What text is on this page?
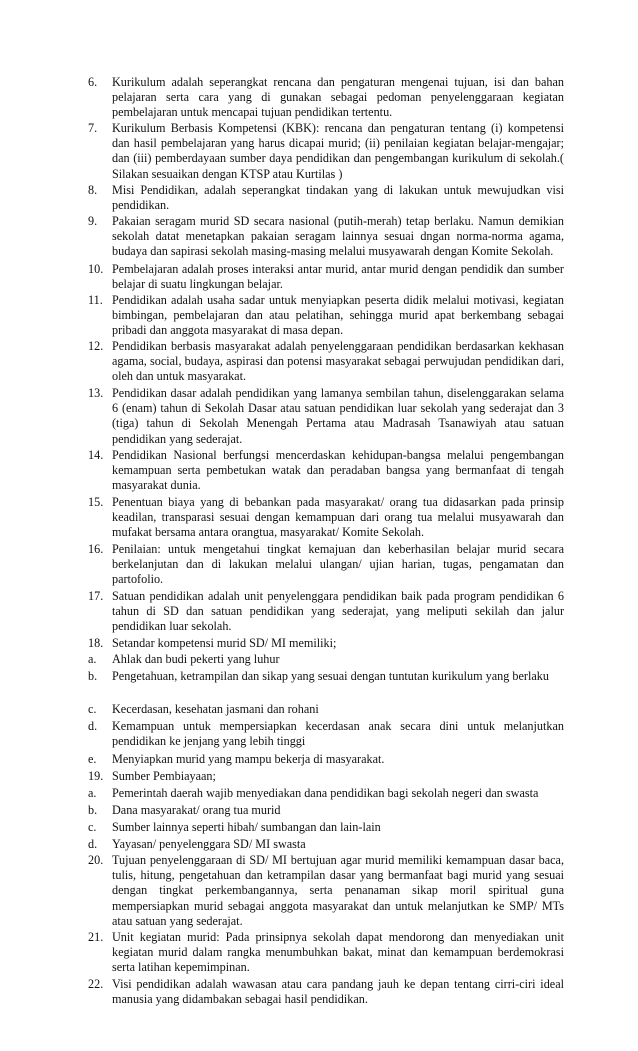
6. Kurikulum adalah seperangkat rencana dan pengaturan mengenai tujuan, isi dan bahan pelajaran serta cara yang di gunakan sebagai pedoman penyelenggaraan kegiatan pembelajaran untuk mencapai tujuan pendidikan tertentu.
7. Kurikulum Berbasis Kompetensi (KBK): rencana dan pengaturan tentang (i) kompetensi dan hasil pembelajaran yang harus dicapai murid; (ii) penilaian kegiatan belajar-mengajar; dan (iii) pemberdayaan sumber daya pendidikan dan pengembangan kurikulum di sekolah.( Silakan sesuaikan dengan KTSP atau Kurtilas )
8. Misi Pendidikan, adalah seperangkat tindakan yang di lakukan untuk mewujudkan visi pendidikan.
9. Pakaian seragam murid SD secara nasional (putih-merah) tetap berlaku. Namun demikian sekolah datat menetapkan pakaian seragam lainnya sesuai dngan norma-norma agama, budaya dan sapirasi sekolah masing-masing melalui musyawarah dengan Komite Sekolah.
10. Pembelajaran adalah proses interaksi antar murid, antar murid dengan pendidik dan sumber belajar di suatu lingkungan belajar.
11. Pendidikan adalah usaha sadar untuk menyiapkan peserta didik melalui motivasi, kegiatan bimbingan, pembelajaran dan atau pelatihan, sehingga murid apat berkembang sebagai pribadi dan anggota masyarakat di masa depan.
12. Pendidikan berbasis masyarakat adalah penyelenggaraan pendidikan berdasarkan kekhasan agama, social, budaya, aspirasi dan potensi masyarakat sebagai perwujudan pendidikan dari, oleh dan untuk masyarakat.
13. Pendidikan dasar adalah pendidikan yang lamanya sembilan tahun, diselenggarakan selama 6 (enam) tahun di Sekolah Dasar atau satuan pendidikan luar sekolah yang sederajat dan 3 (tiga) tahun di Sekolah Menengah Pertama atau Madrasah Tsanawiyah atau satuan pendidikan yang sederajat.
14. Pendidikan Nasional berfungsi mencerdaskan kehidupan-bangsa melalui pengembangan kemampuan serta pembetukan watak dan peradaban bangsa yang bermanfaat di tengah masyarakat dunia.
15. Penentuan biaya yang di bebankan pada masyarakat/ orang tua didasarkan pada prinsip keadilan, transparasi sesuai dengan kemampuan dari orang tua melalui musyawarah dan mufakat bersama antara orangtua, masyarakat/ Komite Sekolah.
16. Penilaian: untuk mengetahui tingkat kemajuan dan keberhasilan belajar murid secara berkelanjutan dan di lakukan melalui ulangan/ ujian harian, tugas, pengamatan dan partofolio.
17. Satuan pendidikan adalah unit penyelenggara pendidikan baik pada program pendidikan 6 tahun di SD dan satuan pendidikan yang sederajat, yang meliputi sekilah dan jalur pendidikan luar sekolah.
18. Setandar kompetensi murid SD/ MI memiliki;
a. Ahlak dan budi pekerti yang luhur
b. Pengetahuan, ketrampilan dan sikap yang sesuai dengan tuntutan kurikulum yang berlaku
c. Kecerdasan, kesehatan jasmani dan rohani
d. Kemampuan untuk mempersiapkan kecerdasan anak secara dini untuk melanjutkan pendidikan ke jenjang yang lebih tinggi
e. Menyiapkan murid yang mampu bekerja di masyarakat.
19. Sumber Pembiayaan;
a. Pemerintah daerah wajib menyediakan dana pendidikan bagi sekolah negeri dan swasta
b. Dana masyarakat/ orang tua murid
c. Sumber lainnya seperti hibah/ sumbangan dan lain-lain
d. Yayasan/ penyelenggara SD/ MI swasta
20. Tujuan penyelenggaraan di SD/ MI bertujuan agar murid memiliki kemampuan dasar baca, tulis, hitung, pengetahuan dan ketrampilan dasar yang bermanfaat bagi murid yang sesuai dengan tingkat perkembangannya, serta penanaman sikap moril spiritual guna mempersiapkan murid sebagai anggota masyarakat dan untuk melanjutkan ke SMP/ MTs atau satuan yang sederajat.
21. Unit kegiatan murid: Pada prinsipnya sekolah dapat mendorong dan menyediakan unit kegiatan murid dalam rangka menumbuhkan bakat, minat dan kemampuan berdemokrasi serta latihan kepemimpinan.
22. Visi pendidikan adalah wawasan atau cara pandang jauh ke depan tentang cirri-ciri ideal manusia yang didambakan sebagai hasil pendidikan.
